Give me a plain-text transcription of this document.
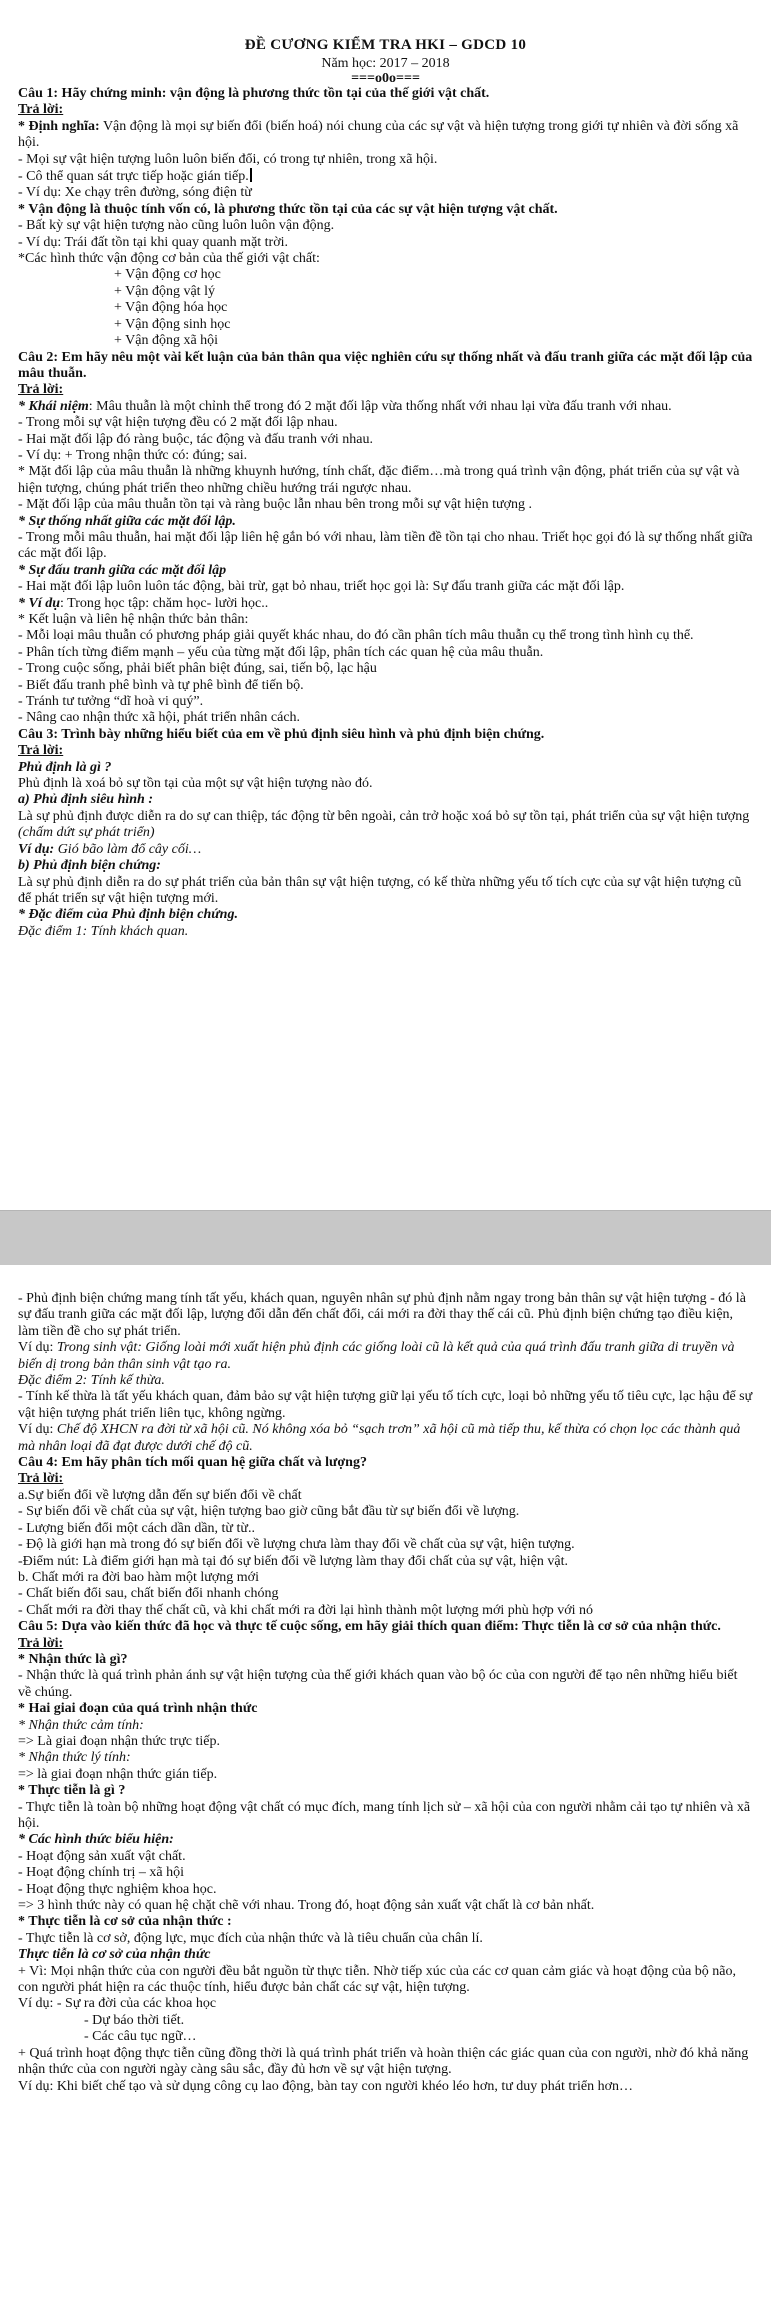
ĐỀ CƯƠNG KIỂM TRA HKI – GDCD 10
Năm học: 2017 – 2018
===o0o===

Câu 1: Hãy chứng minh: vận động là phương thức tồn tại của thế giới vật chất.

Trả lời:

* Định nghĩa: Vận động là mọi sự biến đổi (biến hoá) nói chung của các sự vật và hiện tượng trong giới tự nhiên và đời sống xã hội.

- Mọi sự vật hiện tượng luôn luôn biến đổi, có trong tự nhiên, trong xã hội.

- Cô thể quan sát trực tiếp hoặc gián tiếp.

- Ví dụ: Xe chạy trên đường, sóng điện từ

* Vận động là thuộc tính vốn có, là phương thức tồn tại của các sự vật hiện tượng vật chất.

- Bất kỳ sự vật hiện tượng nào cũng luôn luôn vận động.

- Ví dụ: Trái đất tồn tại khi quay quanh mặt trời.

*Các hình thức vận động cơ bản của thế giới vật chất:

+ Vận động cơ học

+ Vận động vật lý

+ Vận động hóa học

+ Vận động sinh học

+ Vận động xã hội

Câu 2: Em hãy nêu một vài kết luận của bản thân qua việc nghiên cứu sự thống nhất và đấu tranh giữa các mặt đối lập của mâu thuẫn.

Trả lời:

* Khái niệm: Mâu thuẫn là một chỉnh thể trong đó 2 mặt đối lập vừa thống nhất với nhau lại vừa đấu tranh với nhau.

- Trong mỗi sự vật hiện tượng đều có 2 mặt đối lập nhau.

- Hai mặt đối lập đó ràng buộc, tác động và đấu tranh với nhau.

- Ví dụ: + Trong nhận thức có: đúng; sai.

* Mặt đối lập của mâu thuẫn là những khuynh hướng, tính chất, đặc điểm…mà trong quá trình vận động, phát triển của sự vật và hiện tượng, chúng phát triển theo những chiều hướng trái ngược nhau.

- Mặt đối lập của mâu thuẫn tồn tại và ràng buộc lẫn nhau bên trong mỗi sự vật hiện tượng .

* Sự thống nhất giữa các mặt đối lập.

- Trong mỗi mâu thuẫn, hai mặt đối lập liên hệ gắn bó với nhau, làm tiền đề tồn tại cho nhau. Triết học gọi đó là sự thống nhất giữa các mặt đối lập.

* Sự đấu tranh giữa các mặt đối lập

- Hai mặt đối lập luôn luôn tác động, bài trừ, gạt bỏ nhau, triết học gọi là: Sự đấu tranh giữa các mặt đối lập.

* Ví dụ: Trong học tập: chăm học- lười học..

* Kết luận và liên hệ nhận thức bản thân:

- Mỗi loại mâu thuẫn có phương pháp giải quyết khác nhau, do đó cần phân tích mâu thuẫn cụ thể trong tình hình cụ thể.

- Phân tích từng điểm mạnh – yếu của từng mặt đối lập, phân tích các quan hệ của mâu thuẫn.

- Trong cuộc sống, phải biết phân biệt đúng, sai, tiến bộ, lạc hậu

- Biết đấu tranh phê bình và tự phê bình để tiến bộ.

- Tránh tư tưởng “dĩ hoà vi quý”.

- Nâng cao nhận thức xã hội, phát triển nhân cách.

Câu 3: Trình bày những hiểu biết của em về phủ định siêu hình và phủ định biện chứng.

Trả lời:

Phủ định là gì ?

Phủ định là xoá bỏ sự tồn tại của một sự vật hiện tượng nào đó.

a) Phủ định siêu hình :

Là sự phủ định được diễn ra do sự can thiệp, tác động từ bên ngoài, cản trở hoặc xoá bỏ sự tồn tại, phát triển của sự vật hiện tượng (chấm dứt sự phát triển)

Ví dụ: Gió bão làm đổ cây cối…

b) Phủ định biện chứng:

Là sự phủ định diễn ra do sự phát triển của bản thân sự vật hiện tượng, có kế thừa những yếu tố tích cực của sự vật hiện tượng cũ để phát triển sự vật hiện tượng mới.

* Đặc điểm của Phủ định biện chứng.

Đặc điểm 1: Tính khách quan.

- Phủ định biện chứng mang tính tất yếu, khách quan, nguyên nhân sự phủ định nằm ngay trong bản thân sự vật hiện tượng - đó là sự đấu tranh giữa các mặt đối lập, lượng đổi dẫn đến chất đổi, cái mới ra đời thay thế cái cũ. Phủ định biện chứng tạo điều kiện, làm tiền đề cho sự phát triển.

Ví dụ: Trong sinh vật: Giống loài mới xuất hiện phủ định các giống loài cũ là kết quả của quá trình đấu tranh giữa di truyền và biến dị trong bản thân sinh vật tạo ra.

Đặc điểm 2: Tính kế thừa.

- Tính kế thừa là tất yếu khách quan, đảm bảo sự vật hiện tượng giữ lại yếu tố tích cực, loại bỏ những yếu tố tiêu cực, lạc hậu để sự vật hiện tượng phát triển liên tục, không ngừng.

Ví dụ: Chế độ XHCN ra đời từ xã hội cũ. Nó không xóa bỏ “sạch trơn” xã hội cũ mà tiếp thu, kế thừa có chọn lọc các thành quả mà nhân loại đã đạt được dưới chế độ cũ.

Câu 4: Em hãy phân tích mối quan hệ giữa chất và lượng?

Trả lời:

a.Sự biến đổi về lượng dẫn đến sự biến đổi về chất

- Sự biến đổi về chất của sự vật, hiện tượng bao giờ cũng bắt đầu từ sự biến đổi về lượng.

- Lượng biến đổi một cách dần dần, từ từ..

- Độ là giới hạn mà trong đó sự biến đổi về lượng chưa làm thay đổi về chất của sự vật, hiện tượng.

-Điểm nút: Là điểm giới hạn mà tại đó sự biến đổi về lượng làm thay đổi chất của sự vật, hiện vật.

b. Chất mới ra đời bao hàm một lượng mới

- Chất biến đổi sau, chất biến đổi nhanh chóng

- Chất mới ra đời thay thế chất cũ, và khi chất mới ra đời lại hình thành một lượng mới phù hợp với nó

Câu 5: Dựa vào kiến thức đã học và thực tế cuộc sống, em hãy giải thích quan điểm: Thực tiễn là cơ sở của nhận thức.

Trả lời:

* Nhận thức là gì?

- Nhận thức là quá trình phản ánh sự vật hiện tượng của thế giới khách quan vào bộ óc của con người để tạo nên những hiểu biết về chúng.

* Hai giai đoạn của quá trình nhận thức

* Nhận thức cảm tính:

=> Là giai đoạn nhận thức trực tiếp.

* Nhận thức lý tính:

=> là giai đoạn nhận thức gián tiếp.

* Thực tiễn là gì ?

- Thực tiễn là toàn bộ những hoạt động vật chất có mục đích, mang tính lịch sử – xã hội của con người nhằm cải tạo tự nhiên và xã hội.

* Các hình thức biểu hiện:

- Hoạt động sản xuất vật chất.

- Hoạt động chính trị – xã hội

- Hoạt động thực nghiệm khoa học.

=> 3 hình thức này có quan hệ chặt chẽ với nhau. Trong đó, hoạt động sản xuất vật chất là cơ bản nhất.

* Thực tiễn là cơ sở của nhận thức :

- Thực tiễn là cơ sở, động lực, mục đích của nhận thức và là tiêu chuẩn của chân lí.

Thực tiễn là cơ sở của nhận thức

+ Vì: Mọi nhận thức của con người đều bắt nguồn từ thực tiễn. Nhờ tiếp xúc của các cơ quan cảm giác và hoạt động của bộ não, con người phát hiện ra các thuộc tính, hiểu được bản chất các sự vật, hiện tượng.

Ví dụ: - Sự ra đời của các khoa học

- Dự báo thời tiết.

- Các câu tục ngữ…

+ Quá trình hoạt động thực tiễn cũng đồng thời là quá trình phát triển và hoàn thiện các giác quan của con người, nhờ đó khả năng nhận thức của con người ngày càng sâu sắc, đầy đủ hơn về sự vật hiện tượng.

Ví dụ: Khi biết chế tạo và sử dụng công cụ lao động, bàn tay con người khéo léo hơn, tư duy phát triển hơn…
